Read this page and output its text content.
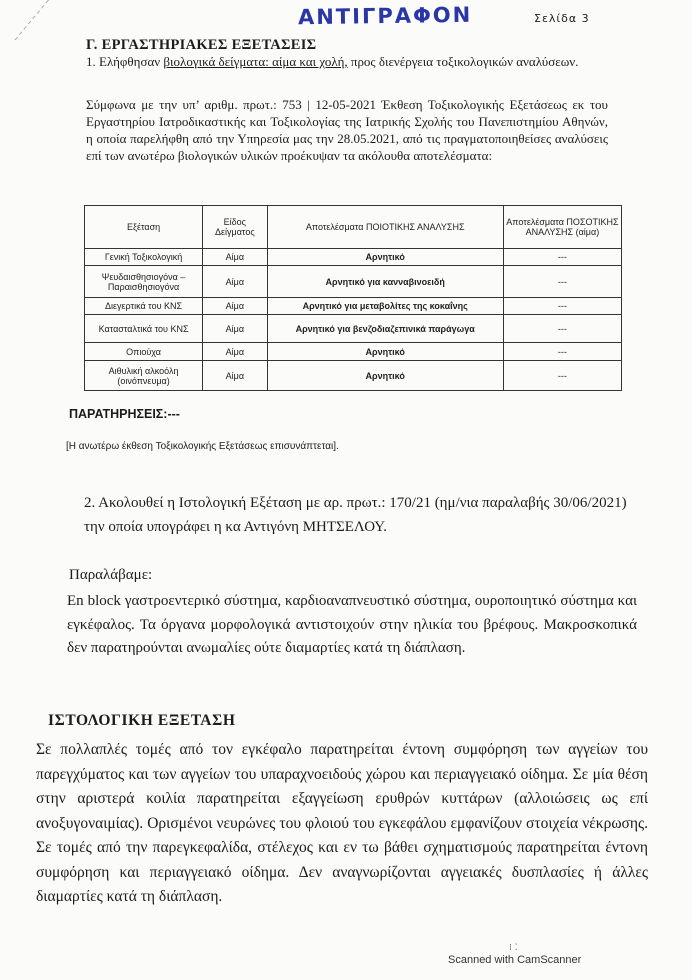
ΑΝΤΙΓΡΑΦΟΝ	Σελίδα 3
Γ. ΕΡΓΑΣΤΗΡΙΑΚΕΣ ΕΞΕΤΑΣΕΙΣ
1. Ελήφθησαν βιολογικά δείγματα: αίμα και χολή, προς διενέργεια τοξικολογικών αναλύσεων.
Σύμφωνα με την υπ’ αριθμ. πρωτ.: 753 | 12-05-2021 Έκθεση Τοξικολογικής Εξετάσεως εκ του Εργαστηρίου Ιατροδικαστικής και Τοξικολογίας της Ιατρικής Σχολής του Πανεπιστημίου Αθηνών, η οποία παρελήφθη από την Υπηρεσία μας την 28.05.2021, από τις πραγματοποιηθείσες αναλύσεις επί των ανωτέρω βιολογικών υλικών προέκυψαν τα ακόλουθα αποτελέσματα:
Εξέταση	Είδος Δείγματος	Αποτελέσματα ΠΟΙΟΤΙΚΗΣ ΑΝΑΛΥΣΗΣ	Αποτελέσματα ΠΟΣΟΤΙΚΗΣ ΑΝΑΛΥΣΗΣ (αίμα)
Γενική Τοξικολογική	Αίμα	Αρνητικό	---
Ψευδαισθησιογόνα – Παραισθησιογόνα	Αίμα	Αρνητικό για κανναβινοειδή	---
Διεγερτικά του ΚΝΣ	Αίμα	Αρνητικό για μεταβολίτες της κοκαΐνης	---
Κατασταλτικά του ΚΝΣ	Αίμα	Αρνητικό για βενζοδιαζεπινικά παράγωγα	---
Οπιούχα	Αίμα	Αρνητικό	---
Αιθυλική αλκοόλη (οινόπνευμα)	Αίμα	Αρνητικό	---
ΠΑΡΑΤΗΡΗΣΕΙΣ:---
[Η ανωτέρω έκθεση Τοξικολογικής Εξετάσεως επισυνάπτεται].
2. Ακολουθεί η Ιστολογική Εξέταση με αρ. πρωτ.: 170/21 (ημ/νια παραλαβής 30/06/2021) την οποία υπογράφει η κα Αντιγόνη ΜΗΤΣΕΛΟΥ.
Παραλάβαμε:
En block γαστροεντερικό σύστημα, καρδιοαναπνευστικό σύστημα, ουροποιητικό σύστημα και εγκέφαλος. Τα όργανα μορφολογικά αντιστοιχούν στην ηλικία του βρέφους. Μακροσκοπικά δεν παρατηρούνται ανωμαλίες ούτε διαμαρτίες κατά τη διάπλαση.
ΙΣΤΟΛΟΓΙΚΗ ΕΞΕΤΑΣΗ
Σε πολλαπλές τομές από τον εγκέφαλο παρατηρείται έντονη συμφόρηση των αγγείων του παρεγχύματος και των αγγείων του υπαραχνοειδούς χώρου και περιαγγειακό οίδημα. Σε μία θέση στην αριστερά κοιλία παρατηρείται εξαγγείωση ερυθρών κυττάρων (αλλοιώσεις ως επί ανοξυγοναιμίας). Ορισμένοι νευρώνες του φλοιού του εγκεφάλου εμφανίζουν στοιχεία νέκρωσης. Σε τομές από την παρεγκεφαλίδα, στέλεχος και εν τω βάθει σχηματισμούς παρατηρείται έντονη συμφόρηση και περιαγγειακό οίδημα. Δεν αναγνωρίζονται αγγειακές δυσπλασίες ή άλλες διαμαρτίες κατά τη διάπλαση.
⁞ ⁚
Scanned with CamScanner
